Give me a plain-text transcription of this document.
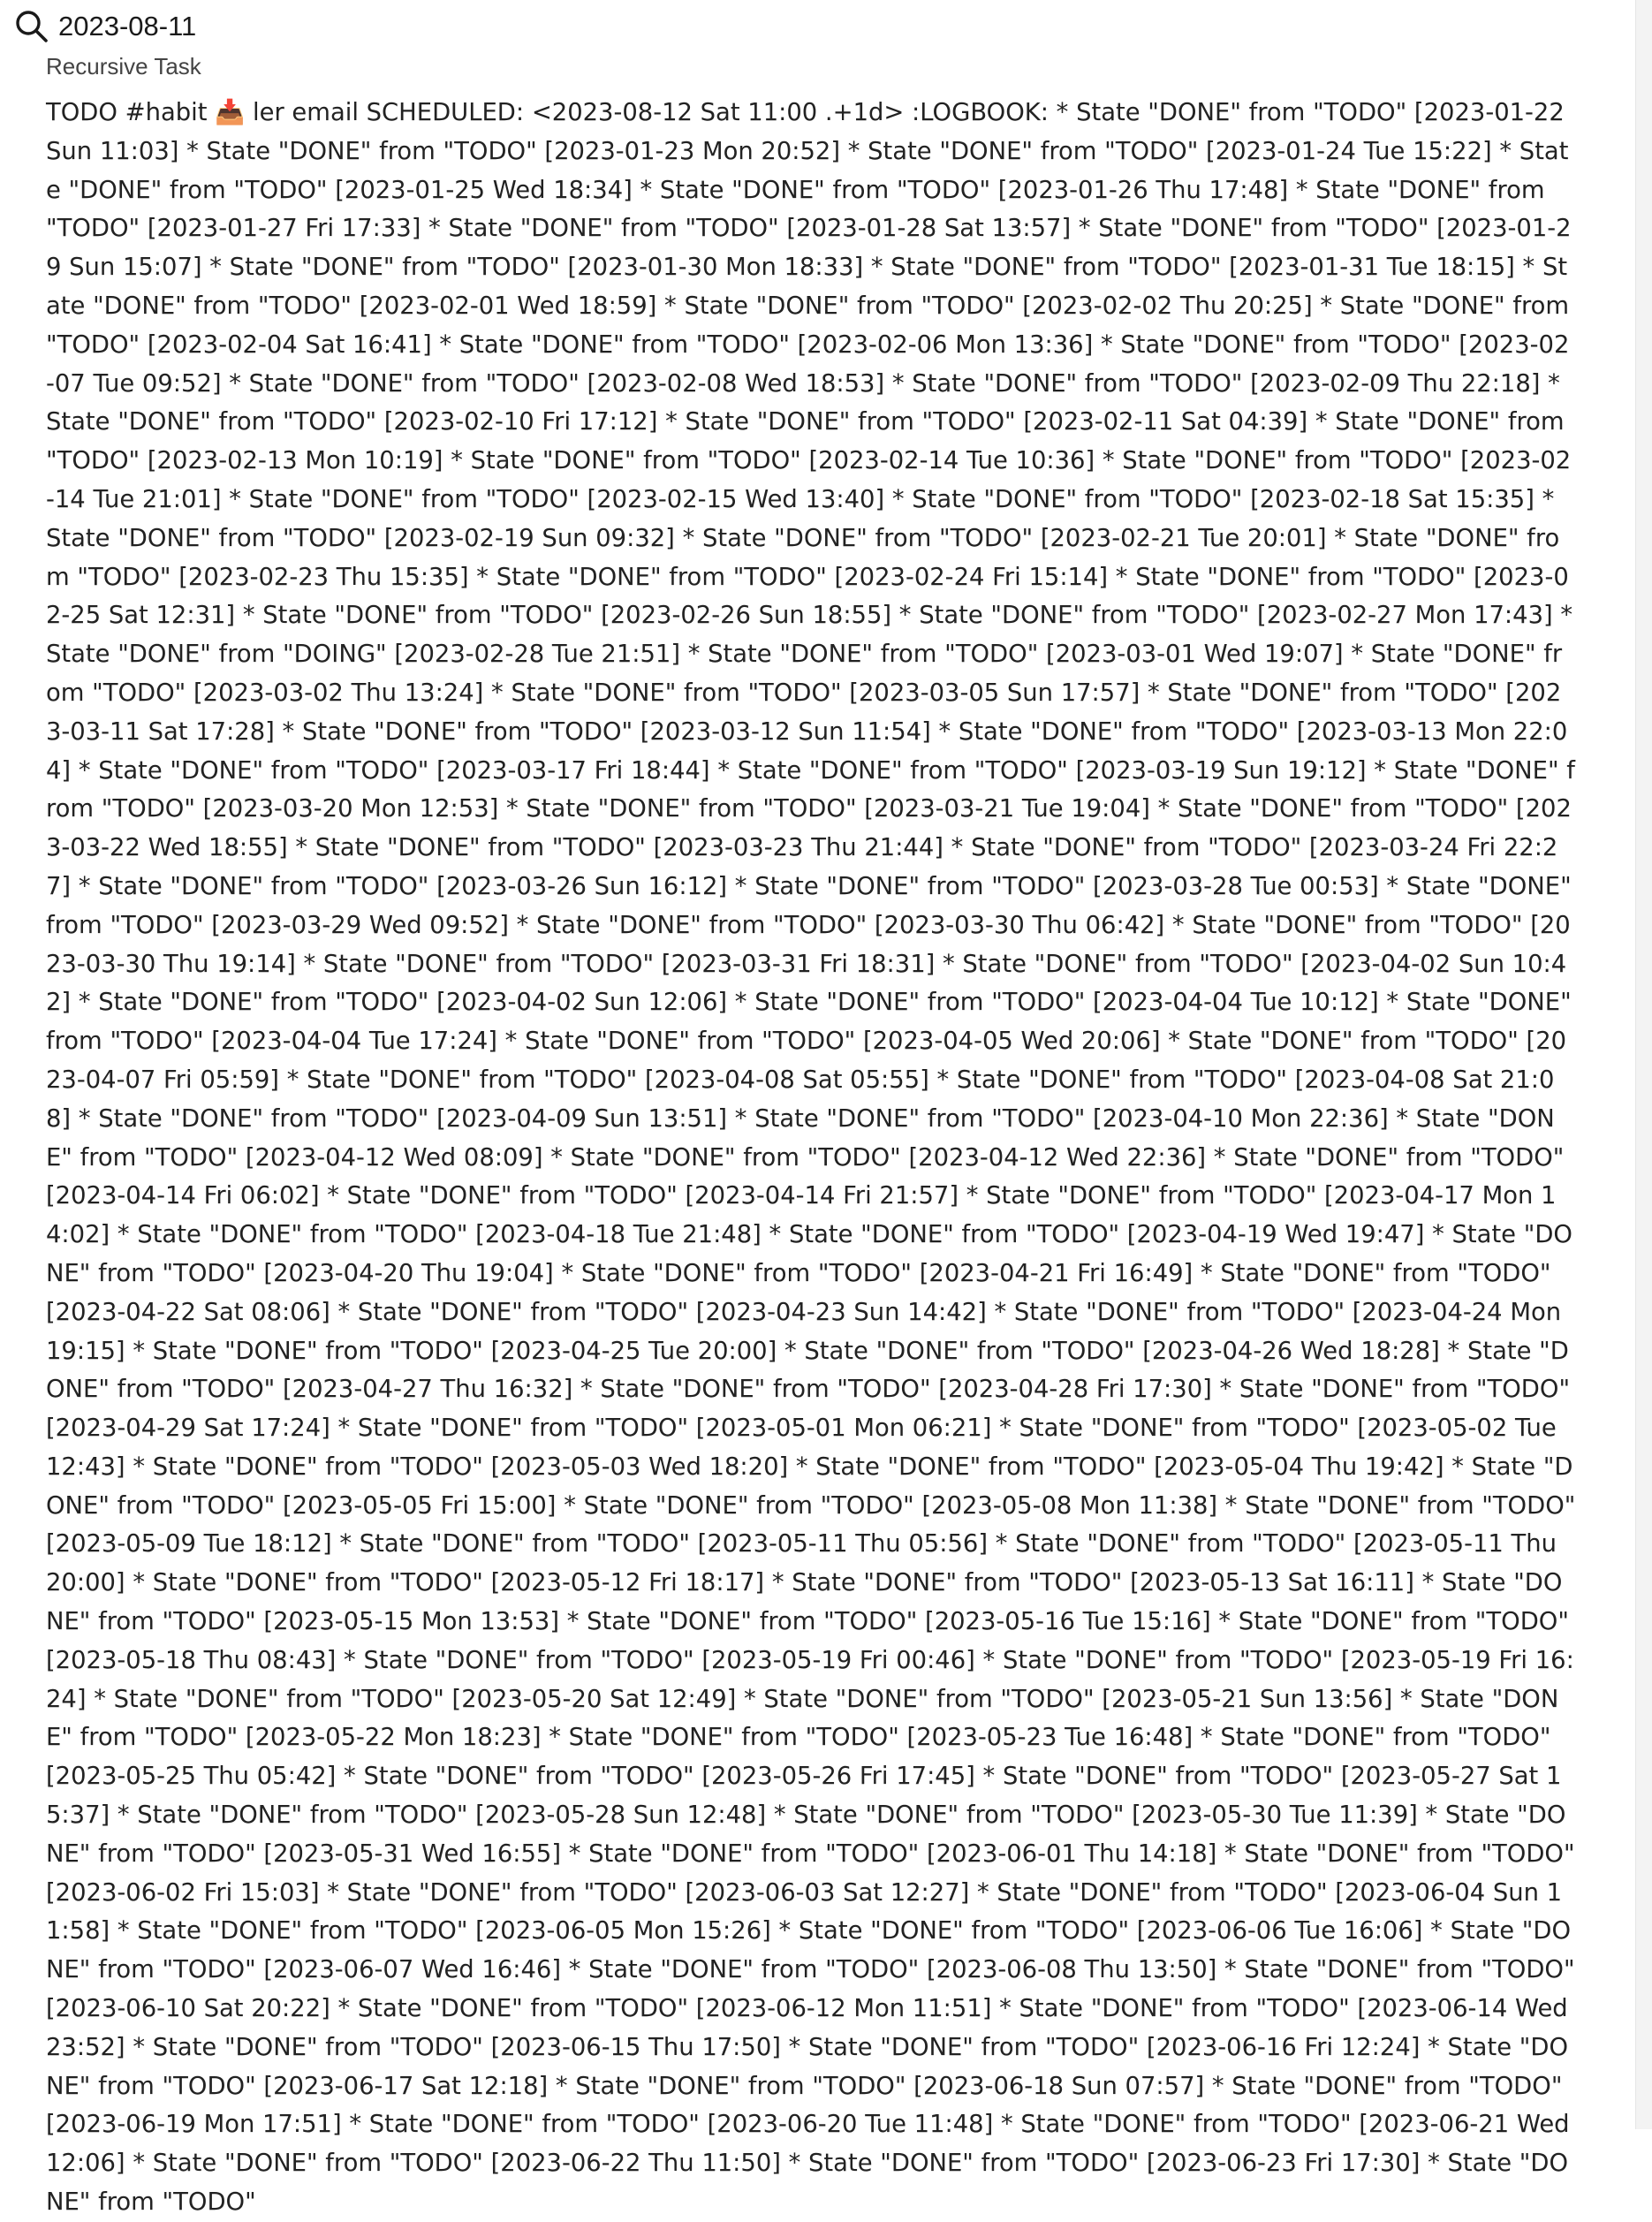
2023-08-11
Recursive Task
TODO #habit 📥 ler email SCHEDULED: <2023-08-12 Sat 11:00 .+1d> :LOGBOOK: * State "DONE" from "TODO" [2023-01-22 Sun 11:03] * State "DONE" from "TODO" [2023-01-23 Mon 20:52] * State "DONE" from "TODO" [2023-01-24 Tue 15:22] * State "DONE" from "TODO" [2023-01-25 Wed 18:34] * State "DONE" from "TODO" [2023-01-26 Thu 17:48] * State "DONE" from "TODO" [2023-01-27 Fri 17:33] * State "DONE" from "TODO" [2023-01-28 Sat 13:57] * State "DONE" from "TODO" [2023-01-29 Sun 15:07] * State "DONE" from "TODO" [2023-01-30 Mon 18:33] * State "DONE" from "TODO" [2023-01-31 Tue 18:15] * State "DONE" from "TODO" [2023-02-01 Wed 18:59] * State "DONE" from "TODO" [2023-02-02 Thu 20:25] * State "DONE" from "TODO" [2023-02-04 Sat 16:41] * State "DONE" from "TODO" [2023-02-06 Mon 13:36] * State "DONE" from "TODO" [2023-02-07 Tue 09:52] * State "DONE" from "TODO" [2023-02-08 Wed 18:53] * State "DONE" from "TODO" [2023-02-09 Thu 22:18] * State "DONE" from "TODO" [2023-02-10 Fri 17:12] * State "DONE" from "TODO" [2023-02-11 Sat 04:39] * State "DONE" from "TODO" [2023-02-13 Mon 10:19] * State "DONE" from "TODO" [2023-02-14 Tue 10:36] * State "DONE" from "TODO" [2023-02-14 Tue 21:01] * State "DONE" from "TODO" [2023-02-15 Wed 13:40] * State "DONE" from "TODO" [2023-02-18 Sat 15:35] * State "DONE" from "TODO" [2023-02-19 Sun 09:32] * State "DONE" from "TODO" [2023-02-21 Tue 20:01] * State "DONE" from "TODO" [2023-02-23 Thu 15:35] * State "DONE" from "TODO" [2023-02-24 Fri 15:14] * State "DONE" from "TODO" [2023-02-25 Sat 12:31] * State "DONE" from "TODO" [2023-02-26 Sun 18:55] * State "DONE" from "TODO" [2023-02-27 Mon 17:43] * State "DONE" from "DOING" [2023-02-28 Tue 21:51] * State "DONE" from "TODO" [2023-03-01 Wed 19:07] * State "DONE" from "TODO" [2023-03-02 Thu 13:24] * State "DONE" from "TODO" [2023-03-05 Sun 17:57] * State "DONE" from "TODO" [2023-03-11 Sat 17:28] * State "DONE" from "TODO" [2023-03-12 Sun 11:54] * State "DONE" from "TODO" [2023-03-13 Mon 22:04] * State "DONE" from "TODO" [2023-03-17 Fri 18:44] * State "DONE" from "TODO" [2023-03-19 Sun 19:12] * State "DONE" from "TODO" [2023-03-20 Mon 12:53] * State "DONE" from "TODO" [2023-03-21 Tue 19:04] * State "DONE" from "TODO" [2023-03-22 Wed 18:55] * State "DONE" from "TODO" [2023-03-23 Thu 21:44] * State "DONE" from "TODO" [2023-03-24 Fri 22:27] * State "DONE" from "TODO" [2023-03-26 Sun 16:12] * State "DONE" from "TODO" [2023-03-28 Tue 00:53] * State "DONE" from "TODO" [2023-03-29 Wed 09:52] * State "DONE" from "TODO" [2023-03-30 Thu 06:42] * State "DONE" from "TODO" [2023-03-30 Thu 19:14] * State "DONE" from "TODO" [2023-03-31 Fri 18:31] * State "DONE" from "TODO" [2023-04-02 Sun 10:42] * State "DONE" from "TODO" [2023-04-02 Sun 12:06] * State "DONE" from "TODO" [2023-04-04 Tue 10:12] * State "DONE" from "TODO" [2023-04-04 Tue 17:24] * State "DONE" from "TODO" [2023-04-05 Wed 20:06] * State "DONE" from "TODO" [2023-04-07 Fri 05:59] * State "DONE" from "TODO" [2023-04-08 Sat 05:55] * State "DONE" from "TODO" [2023-04-08 Sat 21:08] * State "DONE" from "TODO" [2023-04-09 Sun 13:51] * State "DONE" from "TODO" [2023-04-10 Mon 22:36] * State "DONE" from "TODO" [2023-04-12 Wed 08:09] * State "DONE" from "TODO" [2023-04-12 Wed 22:36] * State "DONE" from "TODO" [2023-04-14 Fri 06:02] * State "DONE" from "TODO" [2023-04-14 Fri 21:57] * State "DONE" from "TODO" [2023-04-17 Mon 14:02] * State "DONE" from "TODO" [2023-04-18 Tue 21:48] * State "DONE" from "TODO" [2023-04-19 Wed 19:47] * State "DONE" from "TODO" [2023-04-20 Thu 19:04] * State "DONE" from "TODO" [2023-04-21 Fri 16:49] * State "DONE" from "TODO" [2023-04-22 Sat 08:06] * State "DONE" from "TODO" [2023-04-23 Sun 14:42] * State "DONE" from "TODO" [2023-04-24 Mon 19:15] * State "DONE" from "TODO" [2023-04-25 Tue 20:00] * State "DONE" from "TODO" [2023-04-26 Wed 18:28] * State "DONE" from "TODO" [2023-04-27 Thu 16:32] * State "DONE" from "TODO" [2023-04-28 Fri 17:30] * State "DONE" from "TODO" [2023-04-29 Sat 17:24] * State "DONE" from "TODO" [2023-05-01 Mon 06:21] * State "DONE" from "TODO" [2023-05-02 Tue 12:43] * State "DONE" from "TODO" [2023-05-03 Wed 18:20] * State "DONE" from "TODO" [2023-05-04 Thu 19:42] * State "DONE" from "TODO" [2023-05-05 Fri 15:00] * State "DONE" from "TODO" [2023-05-08 Mon 11:38] * State "DONE" from "TODO" [2023-05-09 Tue 18:12] * State "DONE" from "TODO" [2023-05-11 Thu 05:56] * State "DONE" from "TODO" [2023-05-11 Thu 20:00] * State "DONE" from "TODO" [2023-05-12 Fri 18:17] * State "DONE" from "TODO" [2023-05-13 Sat 16:11] * State "DONE" from "TODO" [2023-05-15 Mon 13:53] * State "DONE" from "TODO" [2023-05-16 Tue 15:16] * State "DONE" from "TODO" [2023-05-18 Thu 08:43] * State "DONE" from "TODO" [2023-05-19 Fri 00:46] * State "DONE" from "TODO" [2023-05-19 Fri 16:24] * State "DONE" from "TODO" [2023-05-20 Sat 12:49] * State "DONE" from "TODO" [2023-05-21 Sun 13:56] * State "DONE" from "TODO" [2023-05-22 Mon 18:23] * State "DONE" from "TODO" [2023-05-23 Tue 16:48] * State "DONE" from "TODO" [2023-05-25 Thu 05:42] * State "DONE" from "TODO" [2023-05-26 Fri 17:45] * State "DONE" from "TODO" [2023-05-27 Sat 15:37] * State "DONE" from "TODO" [2023-05-28 Sun 12:48] * State "DONE" from "TODO" [2023-05-30 Tue 11:39] * State "DONE" from "TODO" [2023-05-31 Wed 16:55] * State "DONE" from "TODO" [2023-06-01 Thu 14:18] * State "DONE" from "TODO" [2023-06-02 Fri 15:03] * State "DONE" from "TODO" [2023-06-03 Sat 12:27] * State "DONE" from "TODO" [2023-06-04 Sun 11:58] * State "DONE" from "TODO" [2023-06-05 Mon 15:26] * State "DONE" from "TODO" [2023-06-06 Tue 16:06] * State "DONE" from "TODO" [2023-06-07 Wed 16:46] * State "DONE" from "TODO" [2023-06-08 Thu 13:50] * State "DONE" from "TODO" [2023-06-10 Sat 20:22] * State "DONE" from "TODO" [2023-06-12 Mon 11:51] * State "DONE" from "TODO" [2023-06-14 Wed 23:52] * State "DONE" from "TODO" [2023-06-15 Thu 17:50] * State "DONE" from "TODO" [2023-06-16 Fri 12:24] * State "DONE" from "TODO" [2023-06-17 Sat 12:18] * State "DONE" from "TODO" [2023-06-18 Sun 07:57] * State "DONE" from "TODO" [2023-06-19 Mon 17:51] * State "DONE" from "TODO" [2023-06-20 Tue 11:48] * State "DONE" from "TODO" [2023-06-21 Wed 12:06] * State "DONE" from "TODO" [2023-06-22 Thu 11:50] * State "DONE" from "TODO" [2023-06-23 Fri 17:30] * State "DONE" from "TODO"
